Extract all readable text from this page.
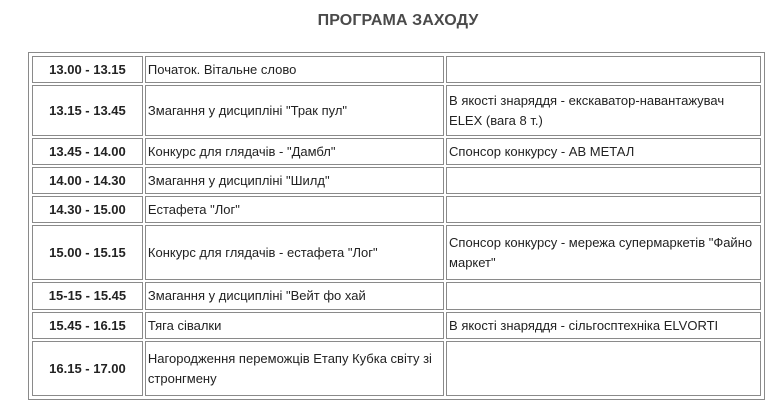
ПРОГРАМА ЗАХОДУ
13.00 - 13.15	Початок. Вітальне слово	
13.15 - 13.45	Змагання у дисципліні "Трак пул"	В якості знаряддя - екскаватор-навантажувач ELEX (вага 8 т.)
13.45 - 14.00	Конкурс для глядачів - "Дамбл"	Спонсор конкурсу - АВ МЕТАЛ
14.00 - 14.30	Змагання у дисципліні "Шилд"	
14.30 - 15.00	Естафета "Лог"	
15.00 - 15.15	Конкурс для глядачів - естафета "Лог"	Спонсор конкурсу - мережа супермаркетів "Файно маркет"
15-15 - 15.45	Змагання у дисципліні "Вейт фо хай	
15.45 - 16.15	Тяга сівалки	В якості знаряддя - сільгосптехніка ELVORTI
16.15 - 17.00	Нагородження переможців Етапу Кубка світу зі стронгмену	
